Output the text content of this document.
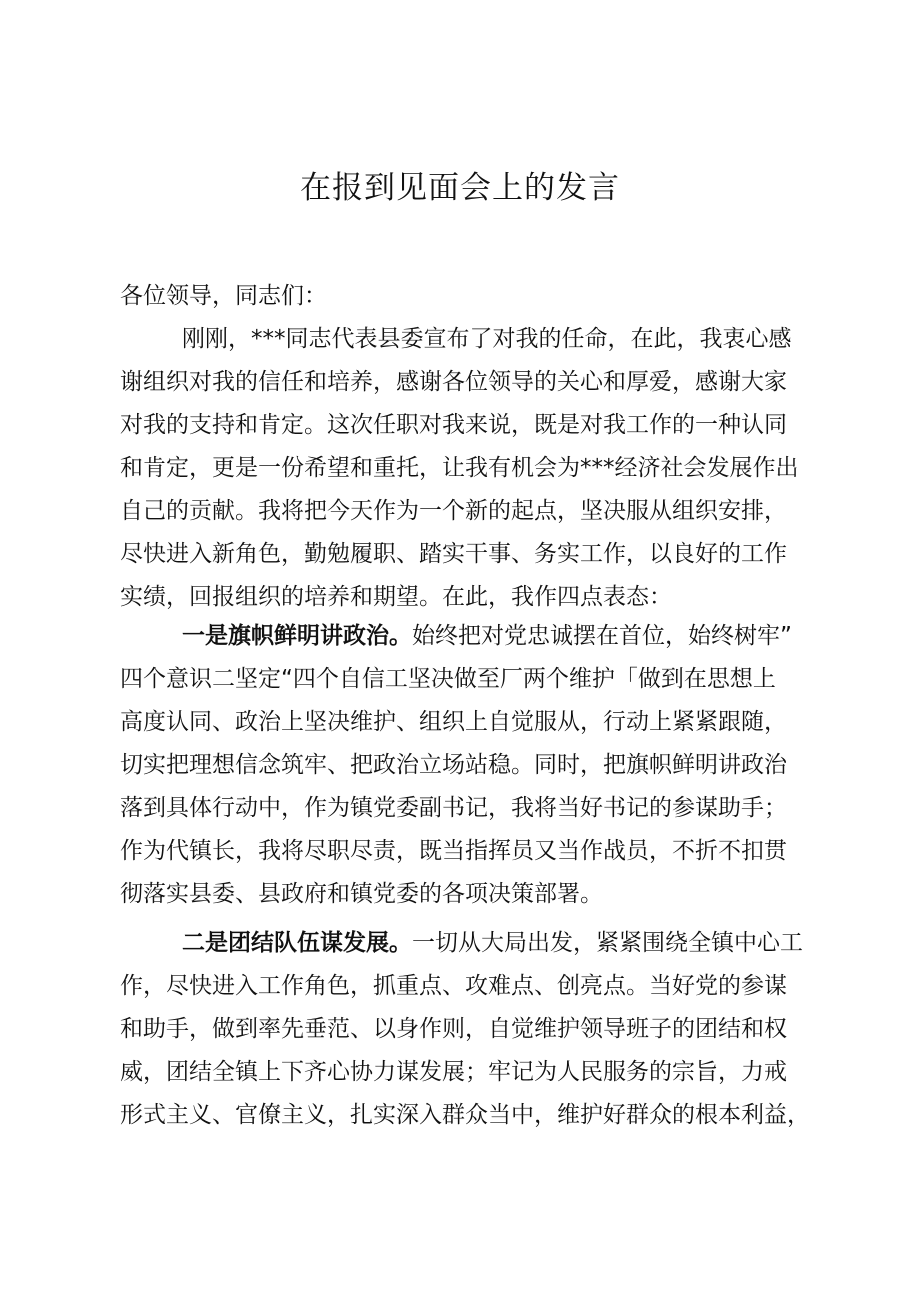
在报到见面会上的发言

各位领导，同志们：

刚刚，***同志代表县委宣布了对我的任命，在此，我衷心感
谢组织对我的信任和培养，感谢各位领导的关心和厚爱，感谢大家
对我的支持和肯定。这次任职对我来说，既是对我工作的一种认同
和肯定，更是一份希望和重托，让我有机会为***经济社会发展作出
自己的贡献。我将把今天作为一个新的起点，坚决服从组织安排，
尽快进入新角色，勤勉履职、踏实干事、务实工作，以良好的工作
实绩，回报组织的培养和期望。在此，我作四点表态：
一是旗帜鲜明讲政治。始终把对党忠诚摆在首位，始终树牢”
四个意识二坚定“四个自信工坚决做至厂两个维护「做到在思想上
高度认同、政治上坚决维护、组织上自觉服从，行动上紧紧跟随，
切实把理想信念筑牢、把政治立场站稳。同时，把旗帜鲜明讲政治
落到具体行动中，作为镇党委副书记，我将当好书记的参谋助手；
作为代镇长，我将尽职尽责，既当指挥员又当作战员，不折不扣贯
彻落实县委、县政府和镇党委的各项决策部署。
二是团结队伍谋发展。一切从大局出发，紧紧围绕全镇中心工
作，尽快进入工作角色，抓重点、攻难点、创亮点。当好党的参谋
和助手，做到率先垂范、以身作则，自觉维护领导班子的团结和权
威，团结全镇上下齐心协力谋发展；牢记为人民服务的宗旨，力戒
形式主义、官僚主义，扎实深入群众当中，维护好群众的根本利益，
